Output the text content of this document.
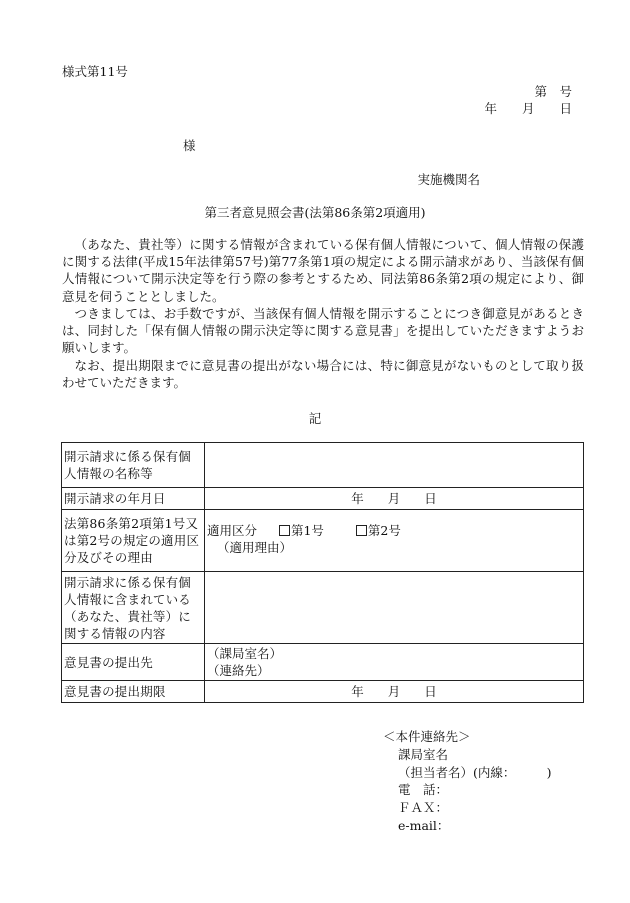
様式第11号
第　号
年　　月　　日
様
実施機関名
第三者意見照会書(法第86条第2項適用)
（あなた、貴社等）に関する情報が含まれている保有個人情報について、個人情報の保護に関する法律(平成15年法律第57号)第77条第1項の規定による開示請求があり、当該保有個人情報について開示決定等を行う際の参考とするため、同法第86条第2項の規定により、御意見を伺うこととしました。
つきましては、お手数ですが、当該保有個人情報を開示することにつき御意見があるときは、同封した「保有個人情報の開示決定等に関する意見書」を提出していただきますようお願いします。
なお、提出期限までに意見書の提出がない場合には、特に御意見がないものとして取り扱わせていただきます。
記
開示請求に係る保有個人情報の名称等	
開示請求の年月日	年 月 日
法第86条第2項第1号又は第2号の規定の適用区分及びその理由	適用区分 第1号 第2号
（適用理由）

開示請求に係る保有個人情報に含まれている（あなた、貴社等）に関する情報の内容	
意見書の提出先	（課局室名）
（連絡先）

意見書の提出期限	年 月 日
＜本件連絡先＞
課局室名
（担当者名）(内線：　　　)
電　話：
ＦＡＸ：
e-mail：
